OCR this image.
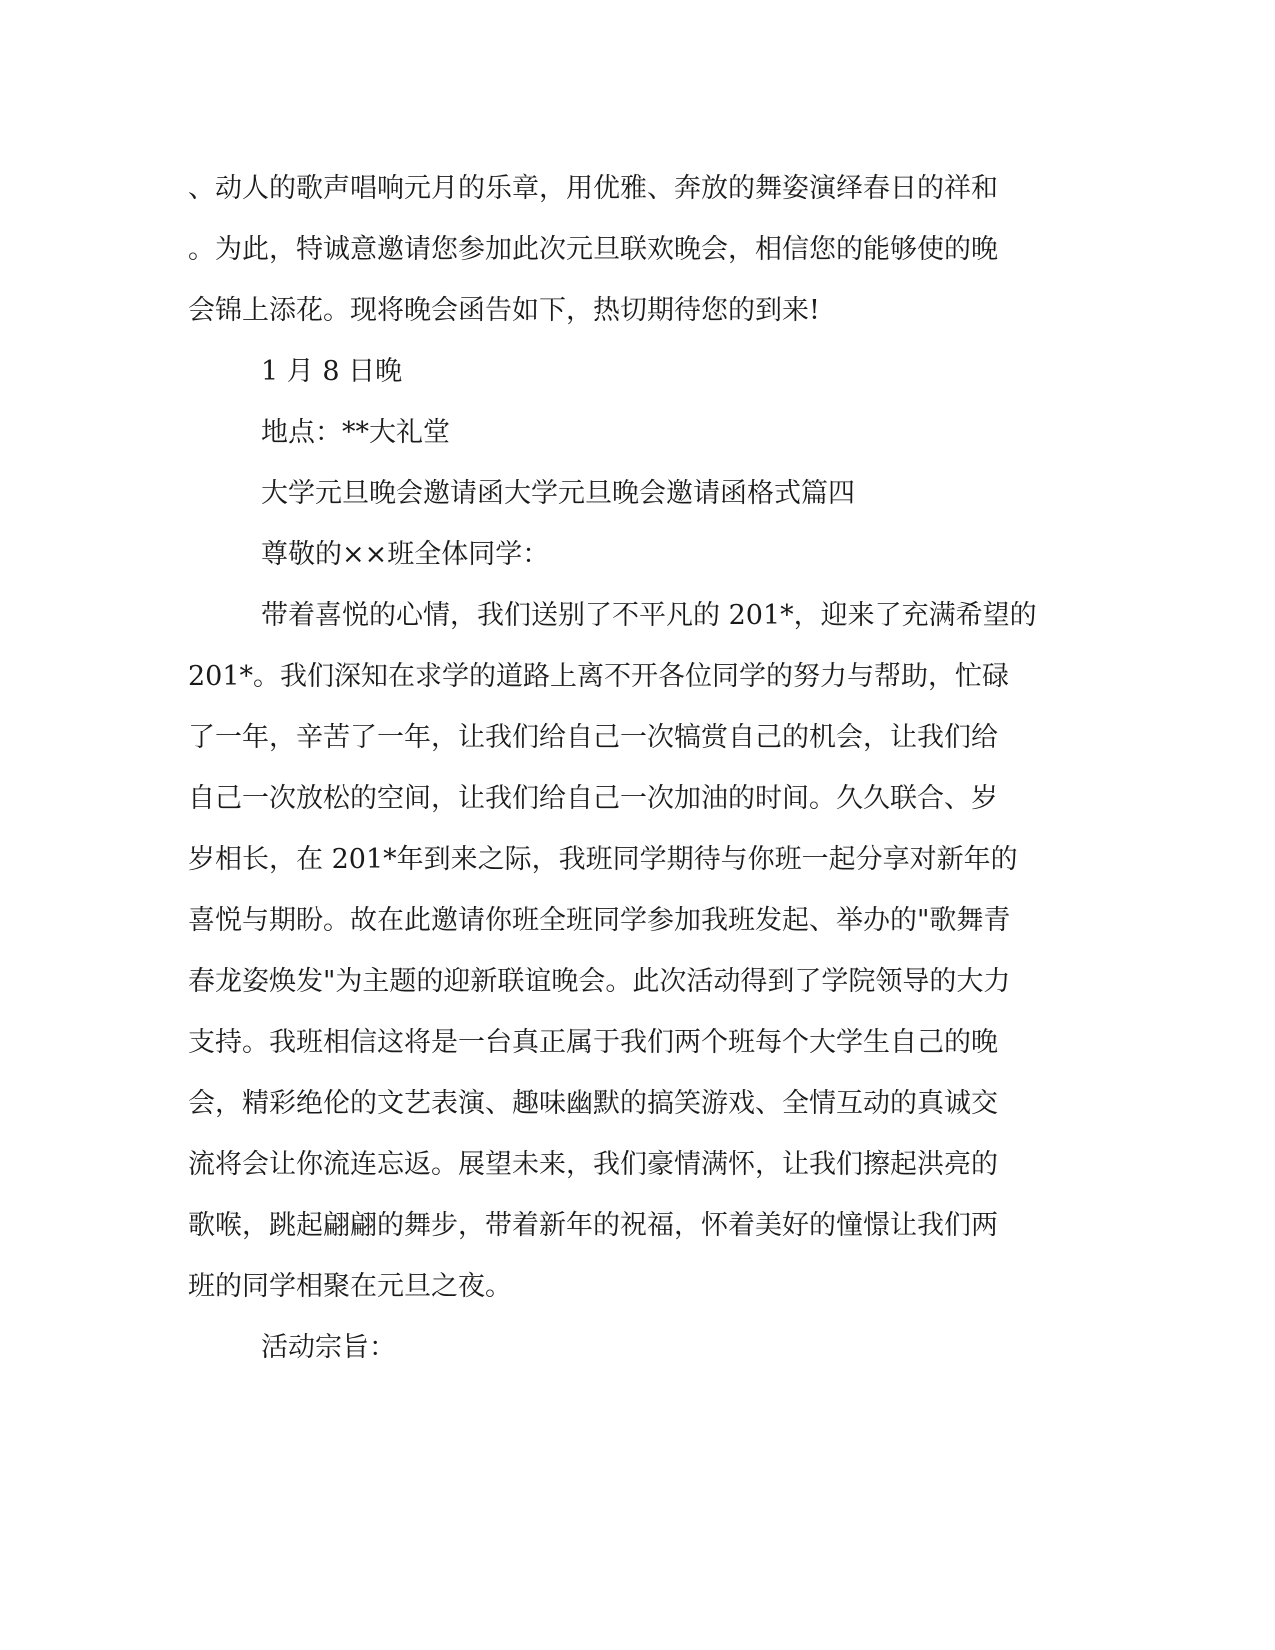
、动人的歌声唱响元月的乐章，用优雅、奔放的舞姿演绎春日的祥和
。为此，特诚意邀请您参加此次元旦联欢晚会，相信您的能够使的晚
会锦上添花。现将晚会函告如下，热切期待您的到来!

1 月 8 日晚

地点：**大礼堂

大学元旦晚会邀请函大学元旦晚会邀请函格式篇四

尊敬的××班全体同学：

带着喜悦的心情，我们送别了不平凡的 201*，迎来了充满希望的
201*。我们深知在求学的道路上离不开各位同学的努力与帮助，忙碌
了一年，辛苦了一年，让我们给自己一次犒赏自己的机会，让我们给
自己一次放松的空间，让我们给自己一次加油的时间。久久联合、岁
岁相长，在 201*年到来之际，我班同学期待与你班一起分享对新年的
喜悦与期盼。故在此邀请你班全班同学参加我班发起、举办的"歌舞青
春龙姿焕发"为主题的迎新联谊晚会。此次活动得到了学院领导的大力
支持。我班相信这将是一台真正属于我们两个班每个大学生自己的晚
会，精彩绝伦的文艺表演、趣味幽默的搞笑游戏、全情互动的真诚交
流将会让你流连忘返。展望未来，我们豪情满怀，让我们擦起洪亮的
歌喉，跳起翩翩的舞步，带着新年的祝福，怀着美好的憧憬让我们两
班的同学相聚在元旦之夜。

活动宗旨：
